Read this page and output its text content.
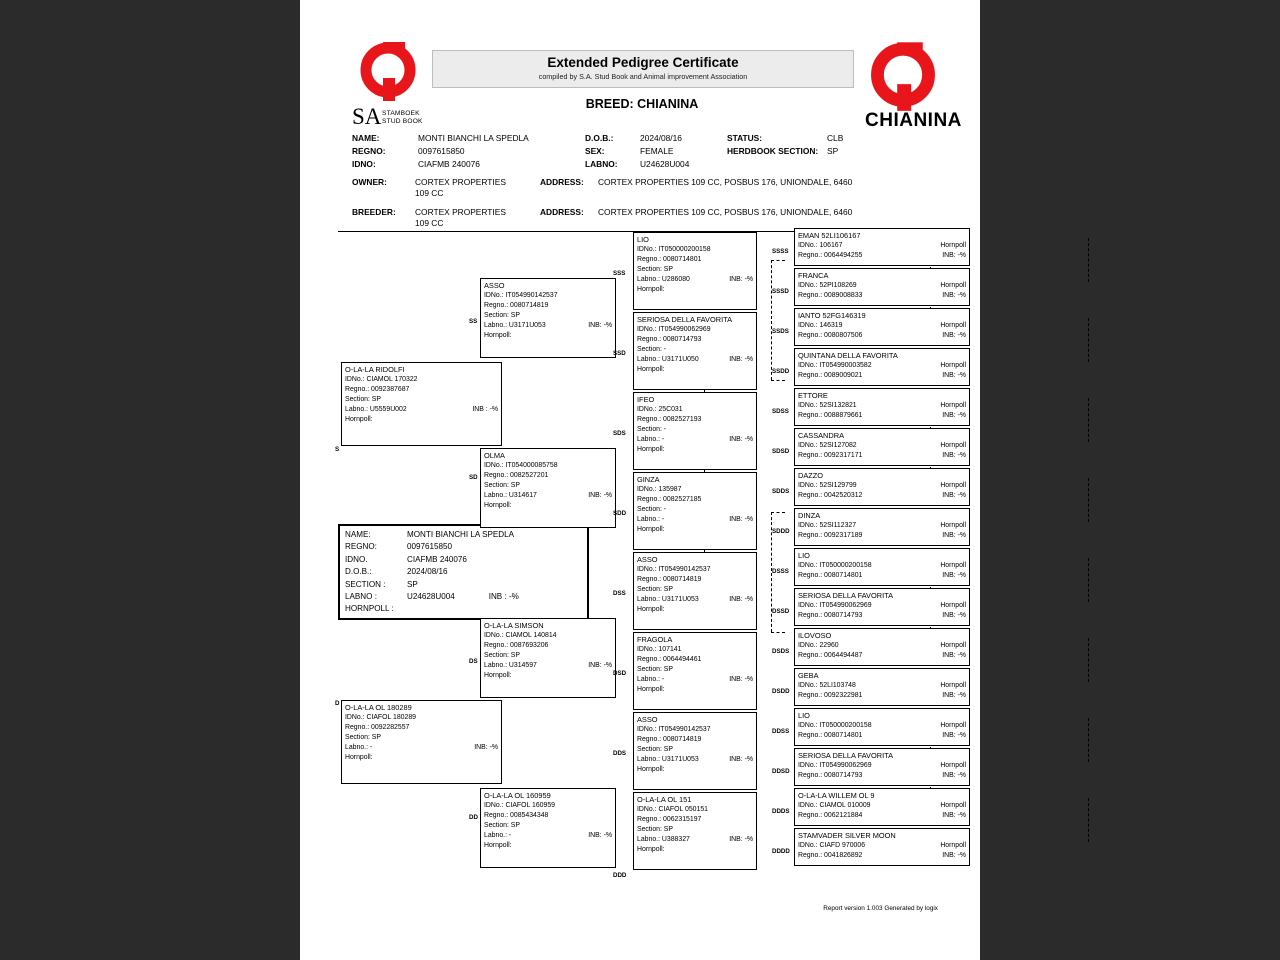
Extended Pedigree Certificate
compiled by S.A. Stud Book and Animal improvement Association
BREED: CHIANINA
CHIANINA
SA STAMBOEK
STUD BOOK
NAME:	MONTI BIANCHI LA SPEDLA
REGNO:	0097615850
IDNO:	CIAFMB 240076
D.O.B.:	2024/08/16
SEX:	FEMALE
LABNO:	U24628U004
STATUS:	CLB
HERDBOOK SECTION: SP
OWNER:	CORTEX PROPERTIES 109 CC
ADDRESS: CORTEX PROPERTIES 109 CC, POSBUS 176, UNIONDALE, 6460
BREEDER: CORTEX PROPERTIES 109 CC
ADDRESS: CORTEX PROPERTIES 109 CC, POSBUS 176, UNIONDALE, 6460
NAME:	MONTI BIANCHI LA SPEDLA
REGNO:	0097615850
IDNO.	CIAFMB 240076
D.O.B.:	2024/08/16
SECTION :	SP
LABNO :	U24628U004	INB : -%
HORNPOLL :
S
O-LA-LA RIDOLFI
IDNo.: CIAMOL 170322
Regno.: 0092387687
Section: SP
Labno.: U5559U002	INB : -%
Hornpoll:
D O-LA-LA OL 180289
IDNo.: CIAFOL 180289
Regno.: 0092282557
Section: SP
Labno.: -	INB: -%
Hornpoll:
SS
ASSO
IDNo.: IT054990142537
Regno.: 0080714819
Section: SP
Labno.: U3171U053	INB: -%
Hornpoll:
SD
OLMA
IDNo.: IT054000085758
Regno.: 0082527201
Section: SP
Labno.: U314617	INB: -%
Hornpoll:
DS
O-LA-LA SIMSON
IDNo.: CIAMOL 140814
Regno.: 0087693206
Section: SP
Labno.: U314597	INB: -%
Hornpoll:
DD
O-LA-LA OL 160959
IDNo.: CIAFOL 160959
Regno.: 0085434348
Section: SP
Labno.: -	INB: -%
Hornpoll:
SSS
LIO
IDNo.: IT050000200158
Regno.: 0080714801
Section: SP
Labno.: U286080	INB: -%
Hornpoll:
SSD
SERIOSA DELLA FAVORITA
IDNo.: IT054990062969
Regno.: 0080714793
Section: -
Labno.: U3171U050	INB: -%
Hornpoll:
SDS
IFEO
IDNo.: 25C031
Regno.: 0082527193
Section: -
Labno.: -	INB: -%
Hornpoll:
SDD
GINZA
IDNo.: 135987
Regno.: 0082527185
Section: -
Labno.: -	INB: -%
Hornpoll:
DSS
ASSO
IDNo.: IT054990142537
Regno.: 0080714819
Section: SP
Labno.: U3171U053	INB: -%
Hornpoll:
DSD
FRAGOLA
IDNo.: 107141
Regno.: 0064494461
Section: SP
Labno.: -	INB: -%
Hornpoll:
DDS
ASSO
IDNo.: IT054990142537
Regno.: 0080714819
Section: SP
Labno.: U3171U053	INB: -%
Hornpoll:
DDD
O-LA-LA OL 151
IDNo.: CIAFOL 050151
Regno.: 0062315197
Section: SP
Labno.: U388327	INB: -%
Hornpoll:
SSSS
EMAN 52LI106167
IDNo.: 106167	Hornpoll
Regno.: 0064494255	INB: -%
SSSD
FRANCA
IDNo.: 52PI108269	Hornpoll
Regno.: 0089008833	INB: -%
SSDS
IANTO 52FG146319
IDNo.: 146319	Hornpoll
Regno.: 0080807506	INB: -%
SSDD
QUINTANA DELLA FAVORITA
IDNo.: IT054990003582	Hornpoll
Regno.: 0089009021	INB: -%
SDSS
ETTORE
IDNo.: 52SI132821	Hornpoll
Regno.: 0088879661	INB: -%
SDSD
CASSANDRA
IDNo.: 52SI127082	Hornpoll
Regno.: 0092317171	INB: -%
SDDS
DAZZO
IDNo.: 52SI129799	Hornpoll
Regno.: 0042520312	INB: -%
SDDD
DINZA
IDNo.: 52SI112327	Hornpoll
Regno.: 0092317189	INB: -%
DSSS
LIO
IDNo.: IT050000200158	Hornpoll
Regno.: 0080714801	INB: -%
DSSD
SERIOSA DELLA FAVORITA
IDNo.: IT054990062969	Hornpoll
Regno.: 0080714793	INB: -%
DSDS
ILOVOSO
IDNo.: 22960	Hornpoll
Regno.: 0064494487	INB: -%
DSDD
GEBA
IDNo.: 52LI103748	Hornpoll
Regno.: 0092322981	INB: -%
DDSS
LIO
IDNo.: IT050000200158	Hornpoll
Regno.: 0080714801	INB: -%
DDSD
SERIOSA DELLA FAVORITA
IDNo.: IT054990062969	Hornpoll
Regno.: 0080714793	INB: -%
DDDS
O-LA-LA WILLEM OL 9
IDNo.: CIAMOL 010009	Hornpoll
Regno.: 0062121884	INB: -%
DDDD
STAMVADER SILVER MOON
IDNo.: CIAFD 970006	Hornpoll
Regno.: 0041826892	INB: -%
Report version 1.003 Generated by logix
